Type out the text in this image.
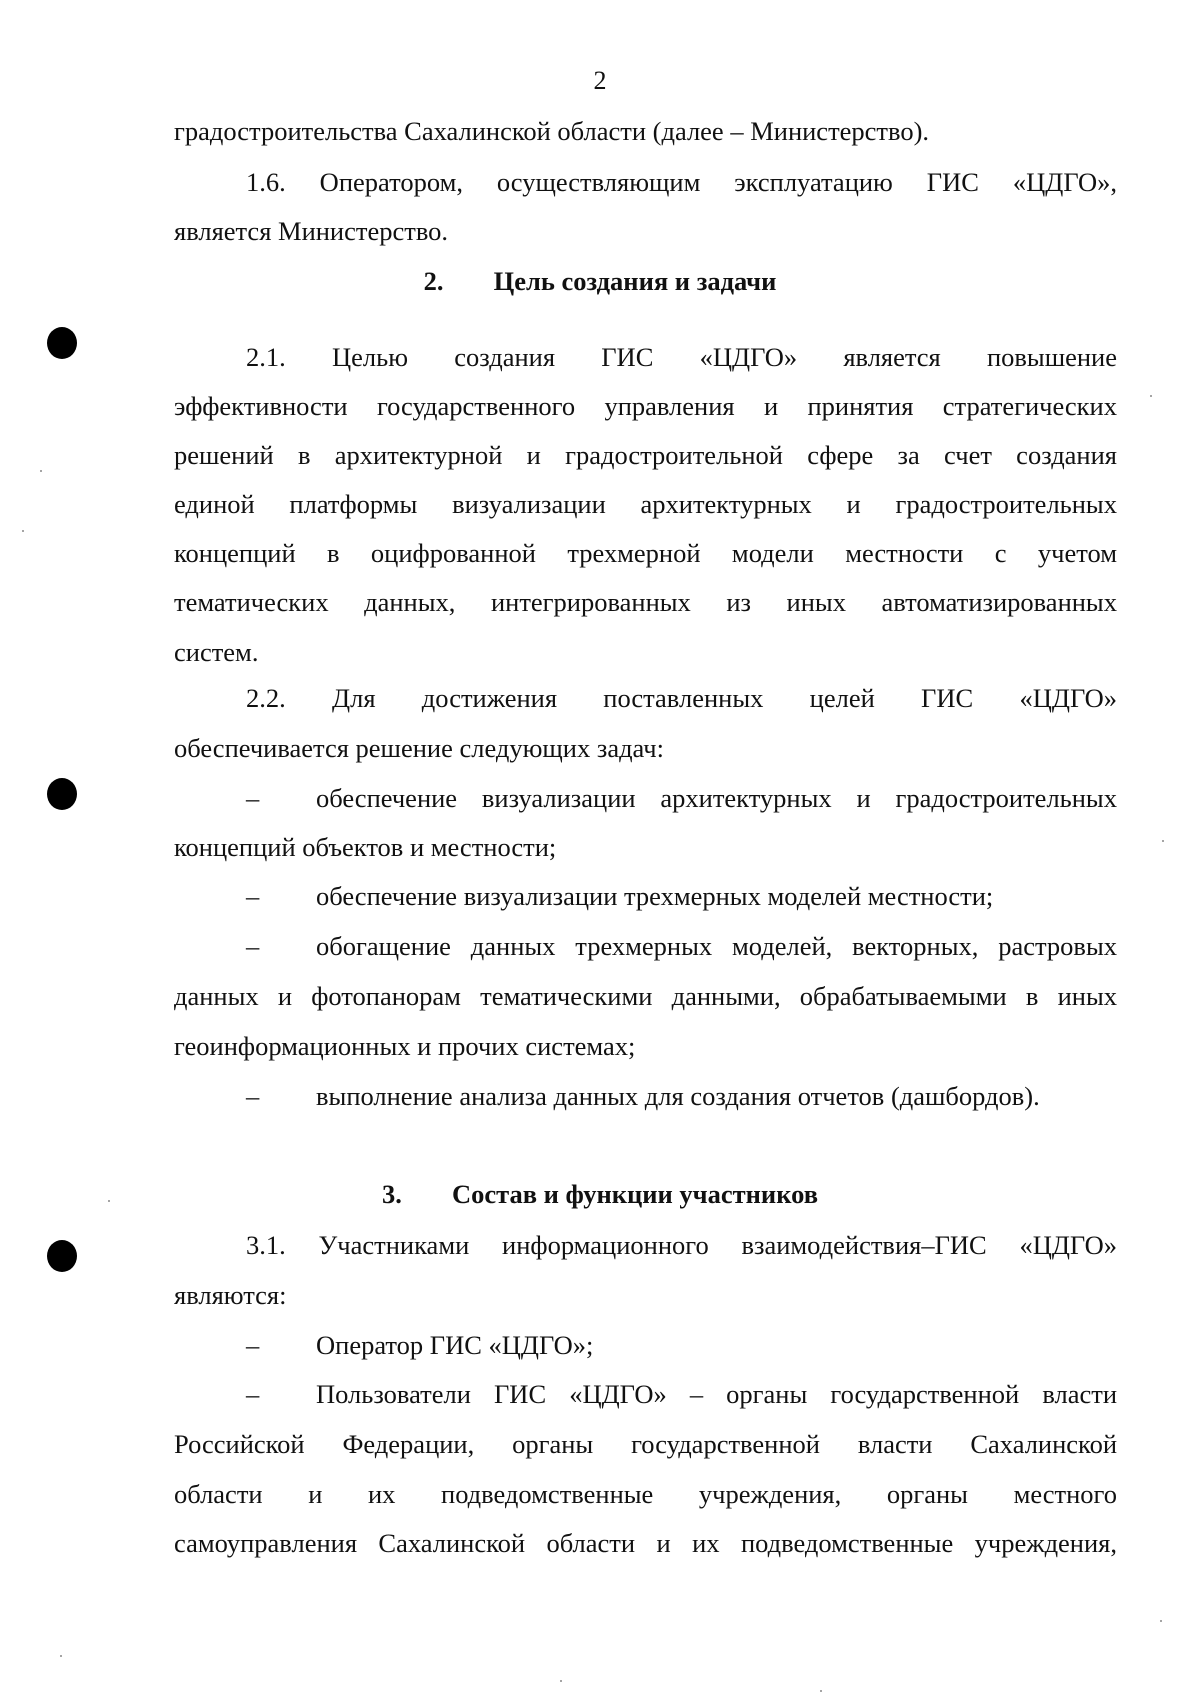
2
градостроительства Сахалинской области (далее – Министерство).
1.6. Оператором, осуществляющим эксплуатацию ГИС «ЦДГО»,
является Министерство.
2. Цель создания и задачи
2.1. Целью создания ГИС «ЦДГО» является повышение
эффективности государственного управления и принятия стратегических
решений в архитектурной и градостроительной сфере за счет создания
единой платформы визуализации архитектурных и градостроительных
концепций в оцифрованной трехмерной модели местности с учетом
тематических данных, интегрированных из иных автоматизированных
систем.
2.2. Для достижения поставленных целей ГИС «ЦДГО»
обеспечивается решение следующих задач:
– обеспечение визуализации архитектурных и градостроительных
концепций объектов и местности;
– обеспечение визуализации трехмерных моделей местности;
– обогащение данных трехмерных моделей, векторных, растровых
данных и фотопанорам тематическими данными, обрабатываемыми в иных
геоинформационных и прочих системах;
– выполнение анализа данных для создания отчетов (дашбордов).
3. Состав и функции участников
3.1. Участниками информационного взаимодействия–ГИС «ЦДГО»
являются:
– Оператор ГИС «ЦДГО»;
– Пользователи ГИС «ЦДГО» – органы государственной власти
Российской Федерации, органы государственной власти Сахалинской
области и их подведомственные учреждения, органы местного
самоуправления Сахалинской области и их подведомственные учреждения,
